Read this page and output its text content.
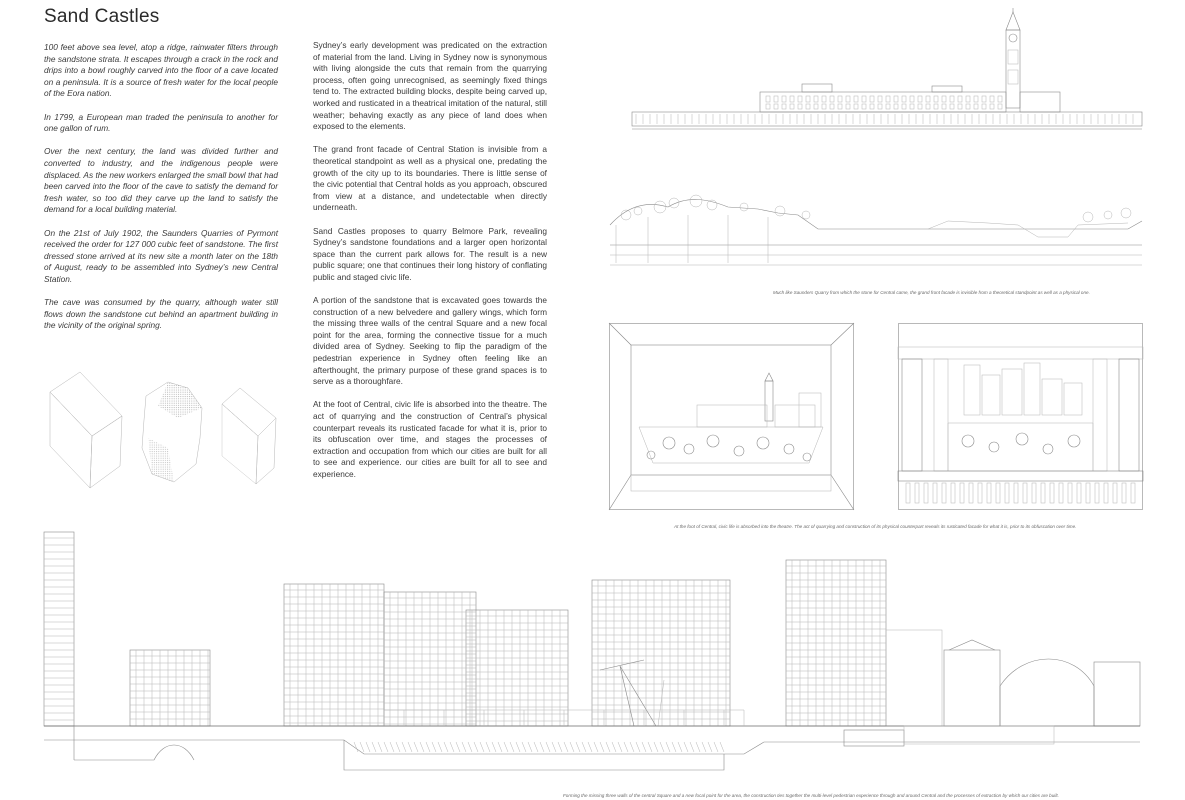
Sand Castles

100 feet above sea level, atop a ridge, rainwater filters through the sandstone strata. It escapes through a crack in the rock and drips into a bowl roughly carved into the floor of a cave located on a peninsula. It is a source of fresh water for the local people of the Eora nation.

In 1799, a European man traded the peninsula to another for one gallon of rum.

Over the next century, the land was divided further and converted to industry, and the indigenous people were displaced. As the new workers enlarged the small bowl that had been carved into the floor of the cave to satisfy the demand for fresh water, so too did they carve up the land to satisfy the demand for a local building material.

On the 21st of July 1902, the Saunders Quarries of Pyrmont received the order for 127 000 cubic feet of sandstone. The first dressed stone arrived at its new site a month later on the 18th of August, ready to be assembled into Sydney’s new Central Station.

The cave was consumed by the quarry, although water still flows down the sandstone cut behind an apartment building in the vicinity of the original spring.

Sydney’s early development was predicated on the extraction of material from the land. Living in Sydney now is synonymous with living alongside the cuts that remain from the quarrying process, often going unrecognised, as seemingly fixed things tend to. The extracted building blocks, despite being carved up, worked and rusticated in a theatrical imitation of the natural, still weather; behaving exactly as any piece of land does when exposed to the elements.

The grand front facade of Central Station is invisible from a theoretical standpoint as well as a physical one, predating the growth of the city up to its boundaries. There is little sense of the civic potential that Central holds as you approach, obscured from view at a distance, and undetectable when directly underneath.

Sand Castles proposes to quarry Belmore Park, revealing Sydney’s sandstone foundations and a larger open horizontal space than the current park allows for. The result is a new public square; one that continues their long history of conflating public and staged civic life.

A portion of the sandstone that is excavated goes towards the construction of a new belvedere and gallery wings, which form the missing three walls of the central Square and a new focal point for the area, forming the connective tissue for a much divided area of Sydney. Seeking to flip the paradigm of the pedestrian experience in Sydney often feeling like an afterthought, the primary purpose of these grand spaces is to serve as a thoroughfare.

At the foot of Central, civic life is absorbed into the theatre. The act of quarrying and the construction of Central’s physical counterpart reveals its rusticated facade for what it is, prior to its obfuscation over time, and stages the processes of extraction and occupation from which our cities are built for all to see and experience. our cities are built for all to see and experience.

Much like Saunders Quarry from which the stone for Central came, the grand front facade is invisible from a theoretical standpoint as well as a physical one.
At the foot of Central, civic life is absorbed into the theatre. The act of quarrying and construction of its physical counterpart reveals its rusticated facade for what it is, prior to its obfuscation over time.
Forming the missing three walls of the central Square and a new focal point for the area, the construction ties together the multi-level pedestrian experience through and around Central and the processes of extraction by which our cities are built.
